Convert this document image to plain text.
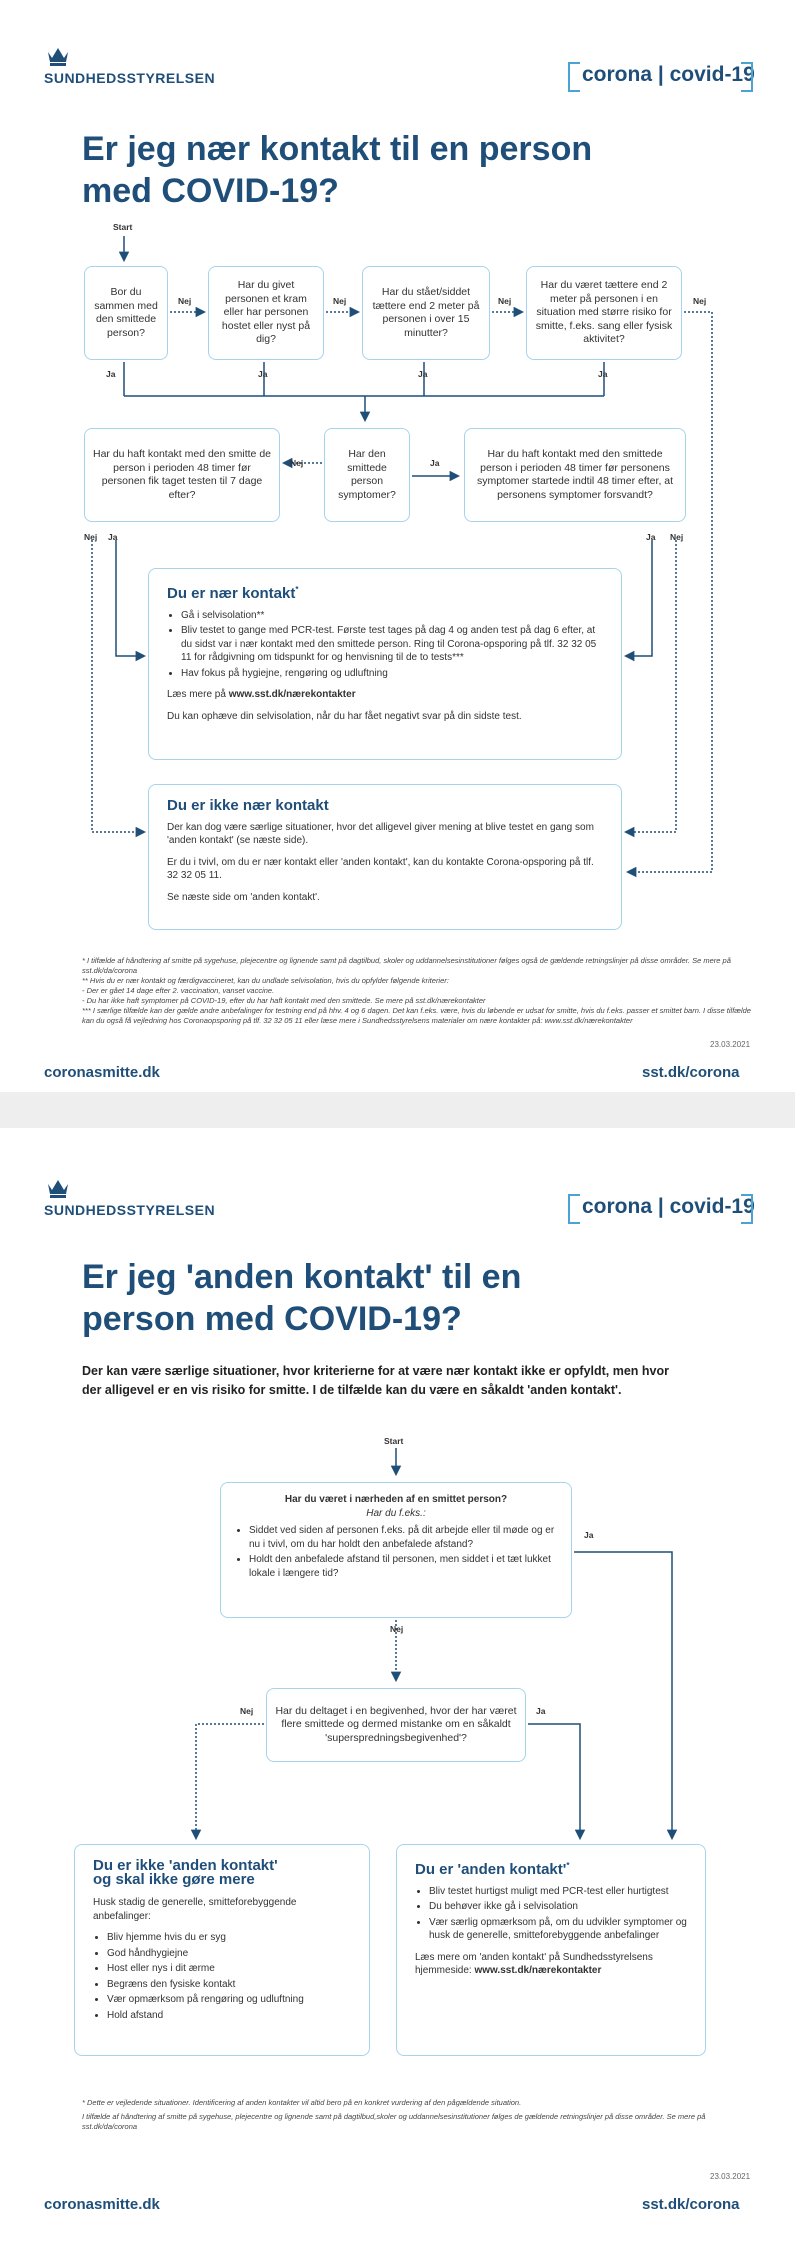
SUNDHEDSSTYRELSEN	corona | covid-19
Er jeg nær kontakt til en person
med COVID-19?
Start
Bor du sammen med den smittede person?
Har du givet personen et kram eller har personen hostet eller nyst på dig?
Har du stået/siddet tættere end 2 meter på personen i over 15 minutter?
Har du været tættere end 2 meter på personen i en situation med større risiko for smitte, f.eks. sang eller fysisk aktivitet?
Nej	Nej	Nej	Nej
Ja	Ja	Ja	Ja
Har du haft kontakt med den smitte de person i perioden 48 timer før personen fik taget testen til 7 dage efter?
Har den smittede person symptomer?
Har du haft kontakt med den smittede person i perioden 48 timer før personens symptomer startede indtil 48 timer efter, at personens symptomer forsvandt?
Nej	Ja
Nej Ja	Ja Nej
Du er nær kontakt*
• Gå i selvisolation**
• Bliv testet to gange med PCR-test. Første test tages på dag 4 og anden test på dag 6 efter, at du sidst var i nær kontakt med den smittede person. Ring til Corona-opsporing på tlf. 32 32 05 11 for rådgivning om tidspunkt for og henvisning til de to tests***
• Hav fokus på hygiejne, rengøring og udluftning

Læs mere på www.sst.dk/nærekontakter

Du kan ophæve din selvisolation, når du har fået negativt svar på din sidste test.

Du er ikke nær kontakt

Der kan dog være særlige situationer, hvor det alligevel giver mening at blive testet en gang som 'anden kontakt' (se næste side).

Er du i tvivl, om du er nær kontakt eller 'anden kontakt', kan du kontakte Corona-opsporing på tlf. 32 32 05 11.

Se næste side om 'anden kontakt'.

* I tilfælde af håndtering af smitte på sygehuse, plejecentre og lignende samt på dagtilbud, skoler og uddannelsesinstitutioner følges også de gældende retningslinjer på disse områder. Se mere på sst.dk/da/corona
** Hvis du er nær kontakt og færdigvaccineret, kan du undlade selvisolation, hvis du opfylder følgende kriterier:
- Der er gået 14 dage efter 2. vaccination, vanset vaccine.
- Du har ikke haft symptomer på COVID-19, efter du har haft kontakt med den smittede. Se mere på sst.dk/nærekontakter
*** I særlige tilfælde kan der gælde andre anbefalinger for testning end på hhv. 4 og 6 dagen. Det kan f.eks. være, hvis du løbende er udsat for smitte, hvis du f.eks. passer et smittet barn. I disse tilfælde kan du også få vejledning hos Coronaopsporing på tlf. 32 32 05 11 eller læse mere i Sundhedsstyrelsens materialer om nære kontakter på: www.sst.dk/nærekontakter
23.03.2021
coronasmitte.dk	sst.dk/corona
SUNDHEDSSTYRELSEN	corona | covid-19
Er jeg 'anden kontakt' til en
person med COVID-19?
Der kan være særlige situationer, hvor kriterierne for at være nær kontakt ikke er opfyldt, men hvor
der alligevel er en vis risiko for smitte. I de tilfælde kan du være en såkaldt 'anden kontakt'.
Start
Har du været i nærheden af en smittet person?
Har du f.eks.:
• Siddet ved siden af personen f.eks. på dit arbejde eller til møde og er nu i tvivl, om du har holdt den anbefalede afstand?
• Holdt den anbefalede afstand til personen, men siddet i et tæt lukket lokale i længere tid?
Ja
Nej
Har du deltaget i en begivenhed, hvor der har været flere smittede og dermed mistanke om en såkaldt 'superspredningsbegivenhed'?
Nej	Ja
Du er ikke 'anden kontakt'
og skal ikke gøre mere

Husk stadig de generelle, smitteforebyggende anbefalinger:

• Bliv hjemme hvis du er syg
• God håndhygiejne
• Host eller nys i dit ærme
• Begræns den fysiske kontakt
• Vær opmærksom på rengøring og udluftning
• Hold afstand
Du er 'anden kontakt'*
• Bliv testet hurtigst muligt med PCR-test eller hurtigtest
• Du behøver ikke gå i selvisolation
• Vær særlig opmærksom på, om du udvikler symptomer og husk de generelle, smitteforebyggende anbefalinger

Læs mere om 'anden kontakt' på Sundhedsstyrelsens hjemmeside: www.sst.dk/nærekontakter

* Dette er vejledende situationer. Identificering af anden kontakter vil altid bero på en konkret vurdering af den pågældende situation.
I tilfælde af håndtering af smitte på sygehuse, plejecentre og lignende samt på dagtilbud,skoler og uddannelsesinstitutioner følges de gældende retningslinjer på disse områder. Se mere på sst.dk/da/corona
23.03.2021
coronasmitte.dk	sst.dk/corona
